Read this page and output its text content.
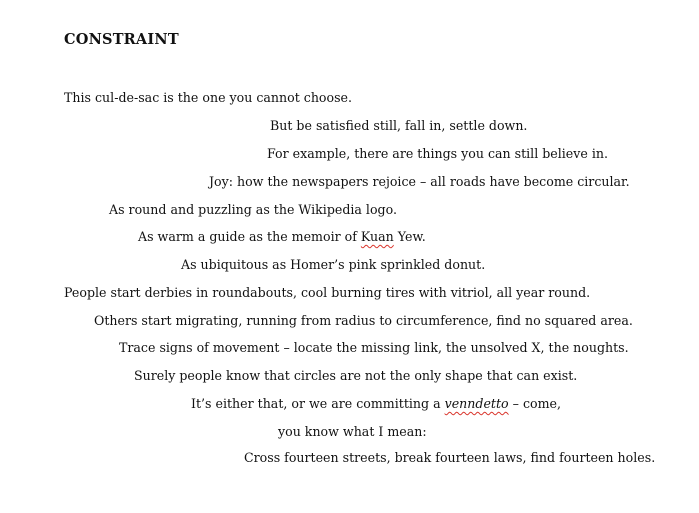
CONSTRAINT
This cul-de-sac is the one you cannot choose.
But be satisfied still, fall in, settle down.
For example, there are things you can still believe in.
Joy: how the newspapers rejoice – all roads have become circular.
As round and puzzling as the Wikipedia logo.
As warm a guide as the memoir of Kuan Yew.
As ubiquitous as Homer’s pink sprinkled donut.
People start derbies in roundabouts, cool burning tires with vitriol, all year round.
Others start migrating, running from radius to circumference, find no squared area.
Trace signs of movement – locate the missing link, the unsolved X, the noughts.
Surely people know that circles are not the only shape that can exist.
It’s either that, or we are committing a venndetto – come,
you know what I mean:
Cross fourteen streets, break fourteen laws, find fourteen holes.
